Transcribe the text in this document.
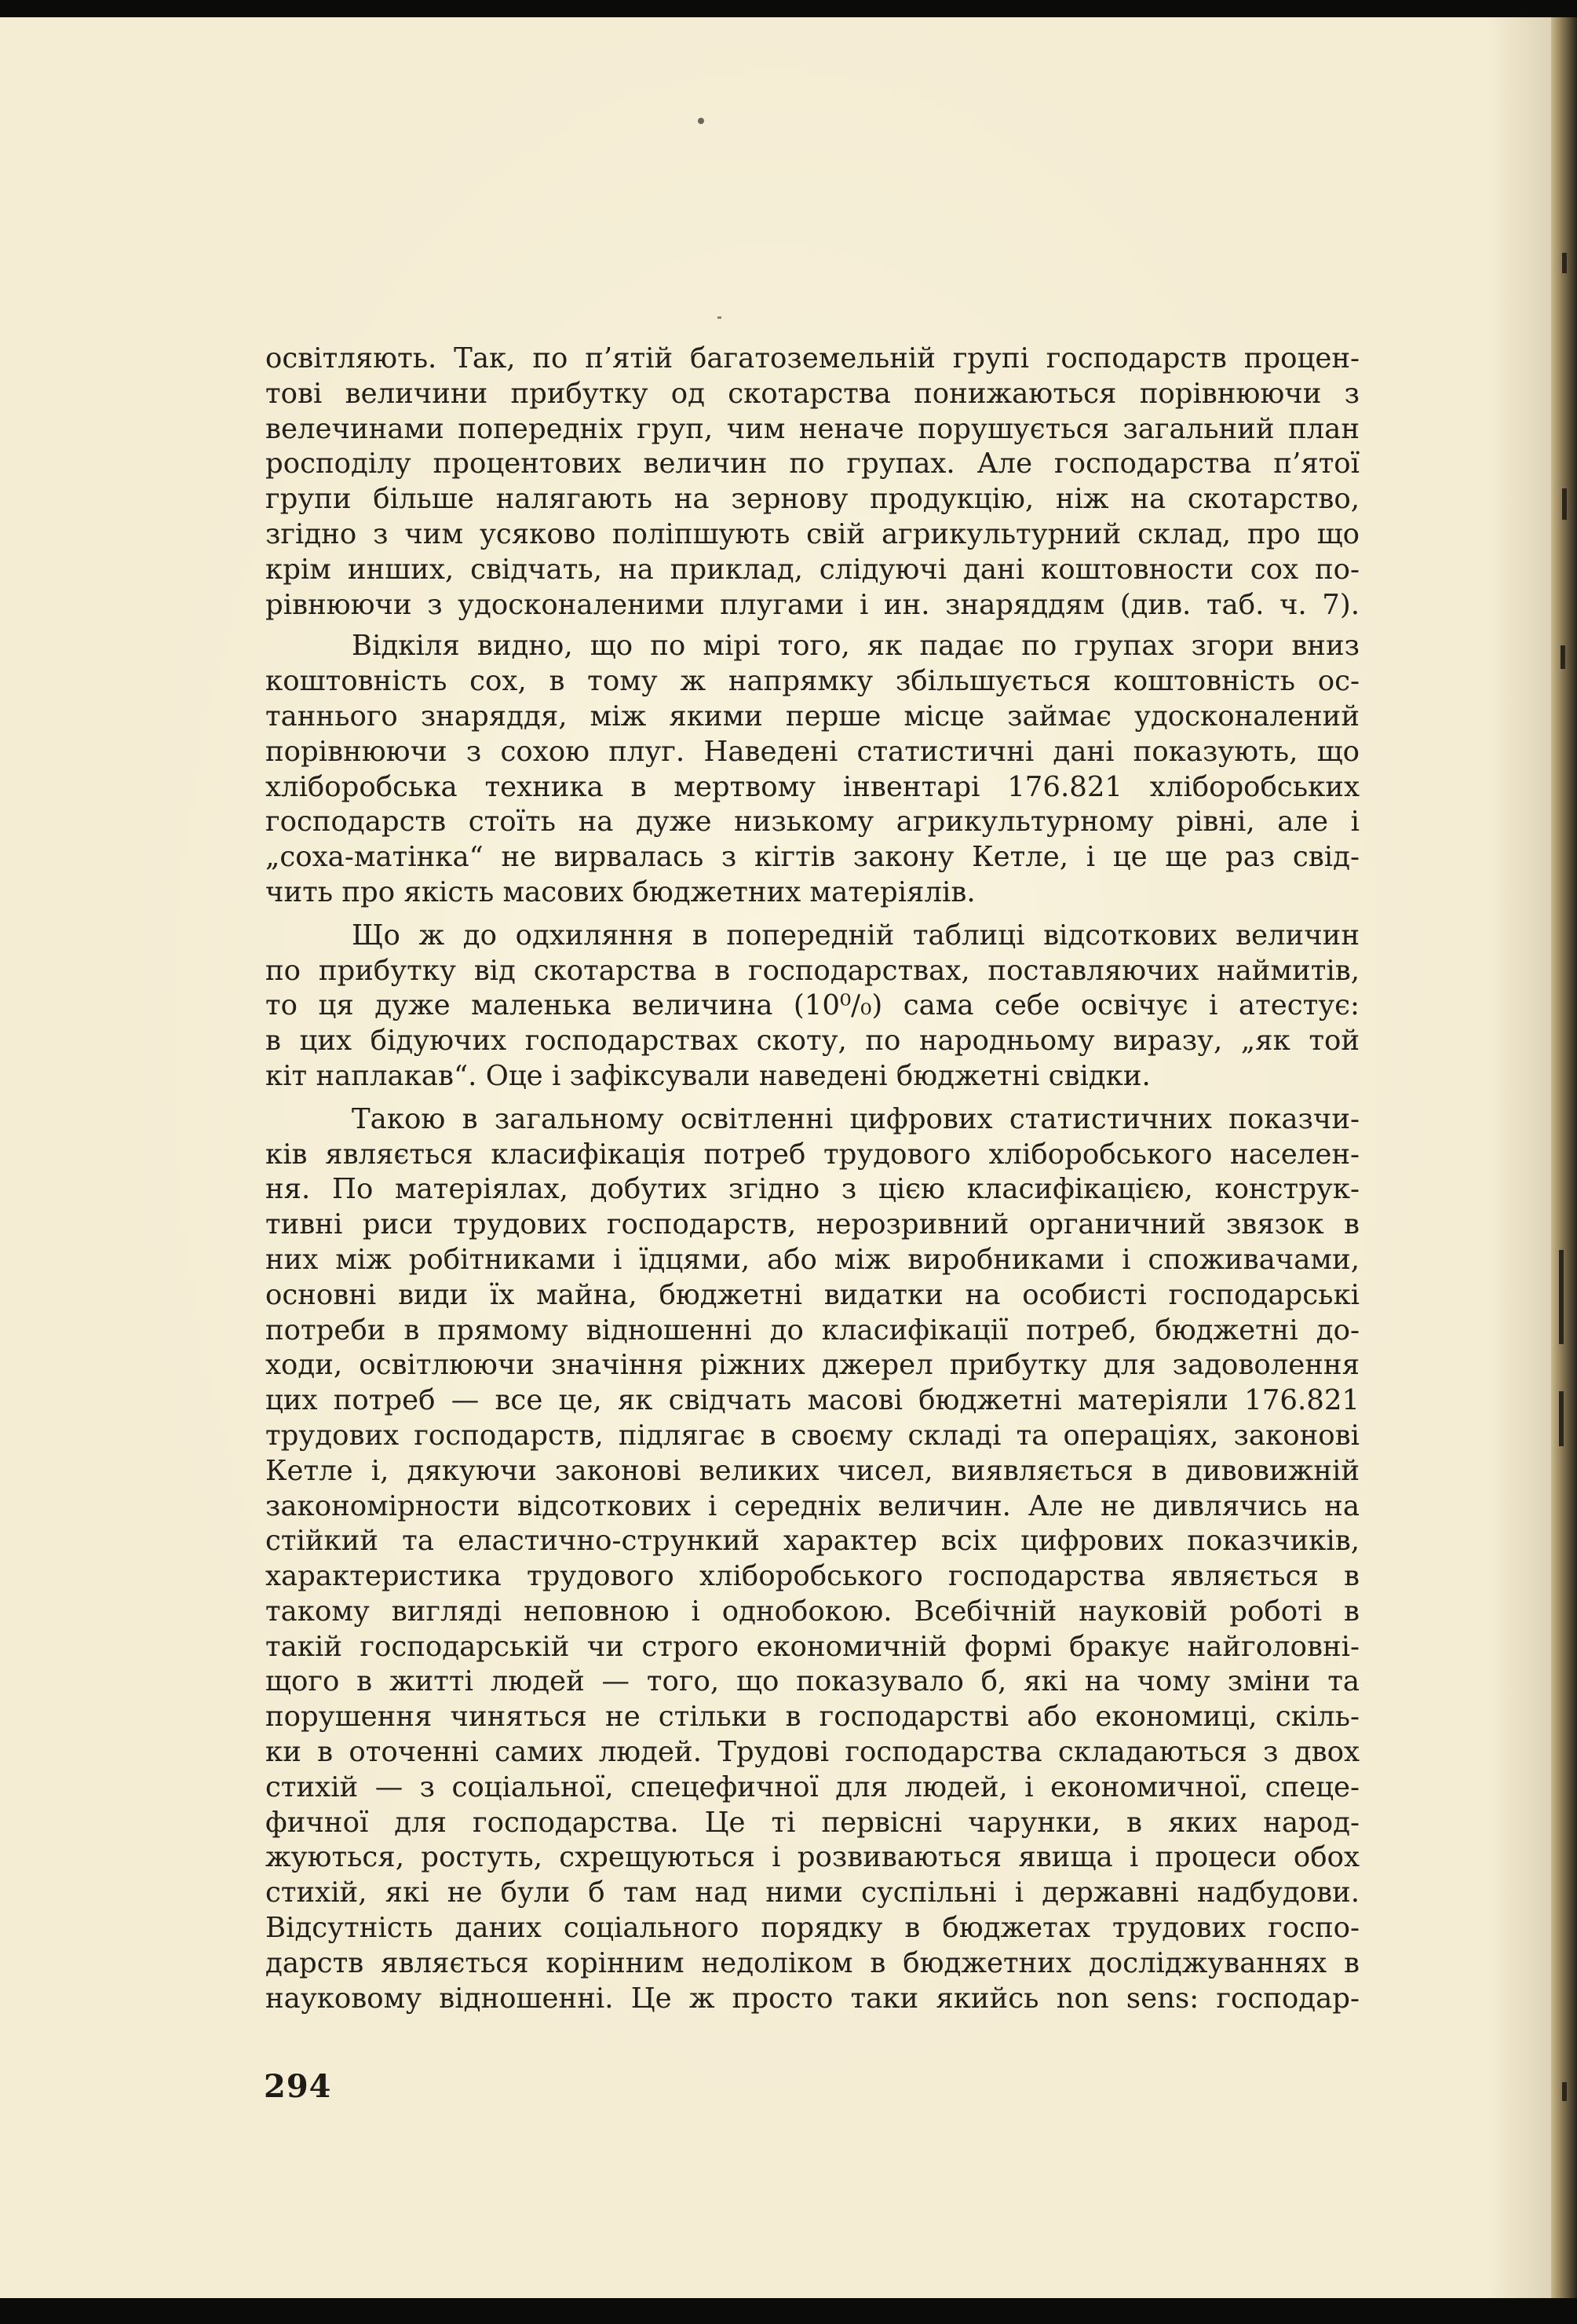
освітляють. Так, по п’ятій багатоземельній групі господарств процен-
тові величини прибутку од скотарства понижаються порівнюючи з
велечинами попередніх груп, чим неначе порушується загальний план
росподілу процентових величин по групах. Але господарства п’ятої
групи більше налягають на зернову продукцію, ніж на скотарство,
згідно з чим усяково поліпшують свій агрикультурний склад, про що
крім инших, свідчать, на приклад, слідуючі дані коштовности сох по-
рівнюючи з удосконаленими плугами і ин. знаряддям (див. таб. ч. 7).
Відкіля видно, що по мірі того, як падає по групах згори вниз
коштовність сох, в тому ж напрямку збільшується коштовність ос-
таннього знаряддя, між якими перше місце займає удосконалений
порівнюючи з сохою плуг. Наведені статистичні дані показують, що
хліборобська техника в мертвому інвентарі 176.821 хліборобських
господарств стоїть на дуже низькому агрикультурному рівні, але і
„соха-матінка“ не вирвалась з кігтів закону Кетле, і це ще раз свід-
чить про якість масових бюджетних матеріялів.
Що ж до одхиляння в попередній таблиці відсоткових величин
по прибутку від скотарства в господарствах, поставляючих наймитів,
то ця дуже маленька величина (10⁰/₀) сама себе освічує і атестує:
в цих бідуючих господарствах скоту, по народньому виразу, „як той
кіт наплакав“. Оце і зафіксували наведені бюджетні свідки.
Такою в загальному освітленні цифрових статистичних показчи-
ків являється класифікація потреб трудового хліборобського населен-
ня. По матеріялах, добутих згідно з цією класифікацією, конструк-
тивні риси трудових господарств, нерозривний органичний звязок в
них між робітниками і їдцями, або між виробниками і споживачами,
основні види їх майна, бюджетні видатки на особисті господарські
потреби в прямому відношенні до класифікації потреб, бюджетні до-
ходи, освітлюючи значіння ріжних джерел прибутку для задоволення
цих потреб — все це, як свідчать масові бюджетні матеріяли 176.821
трудових господарств, підлягає в своєму складі та операціях, законові
Кетле і, дякуючи законові великих чисел, виявляється в дивовижній
закономірности відсоткових і середніх величин. Але не дивлячись на
стійкий та еластично-стрункий характер всіх цифрових показчиків,
характеристика трудового хліборобського господарства являється в
такому вигляді неповною і однобокою. Всебічній науковій роботі в
такій господарській чи строго економичній формі бракує найголовні-
щого в житті людей — того, що показувало б, які на чому зміни та
порушення чиняться не стільки в господарстві або економиці, скіль-
ки в оточенні самих людей. Трудові господарства складаються з двох
стихій — з соціальної, спецефичної для людей, і економичної, спеце-
фичної для господарства. Це ті первісні чарунки, в яких народ-
жуються, ростуть, схрещуються і розвиваються явища і процеси обох
стихій, які не були б там над ними суспільні і державні надбудови.
Відсутність даних соціального порядку в бюджетах трудових госпо-
дарств являється корінним недоліком в бюджетних досліджуваннях в
науковому відношенні. Це ж просто таки якийсь non sens: господар-
294
